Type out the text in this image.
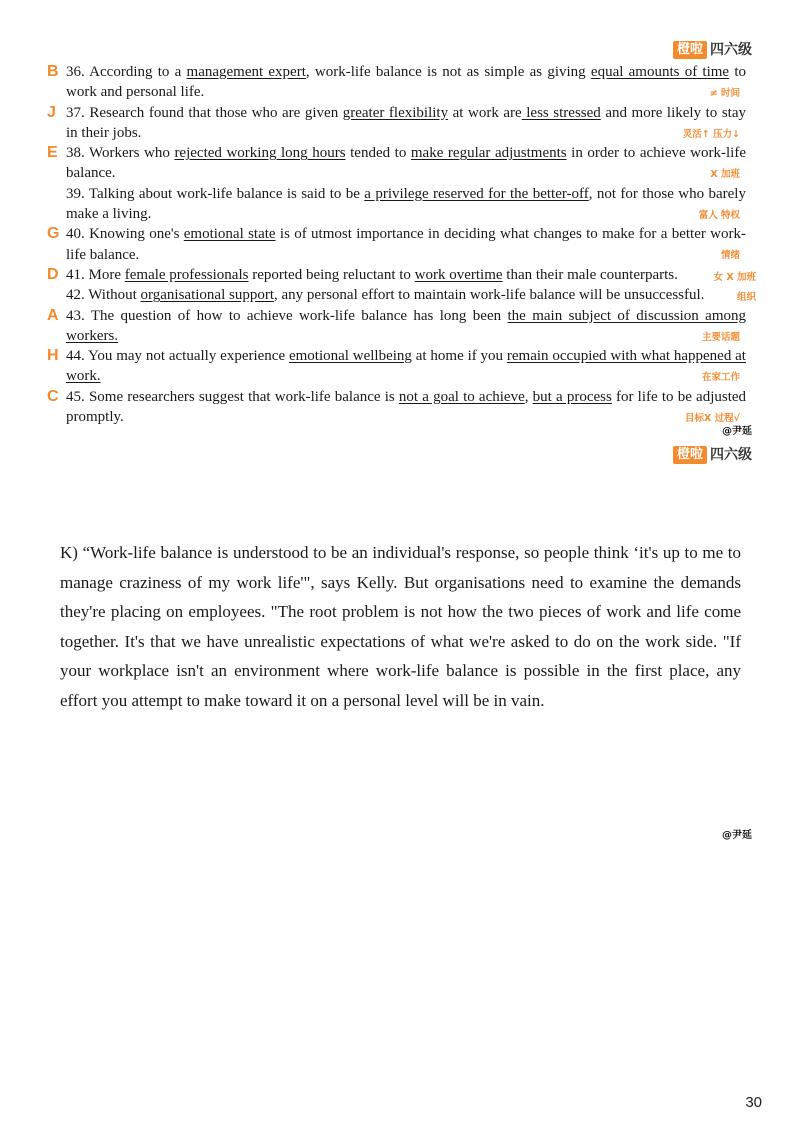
橙啦 四六级
B 36. According to a management expert, work-life balance is not as simple as giving equal amounts of time to work and personal life.	≠ 时间
J 37. Research found that those who are given greater flexibility at work are less stressed and more likely to stay in their jobs.	灵活↑ 压力↓
E 38. Workers who rejected working long hours tended to make regular adjustments in order to achieve work-life balance.	X 加班
39. Talking about work-life balance is said to be a privilege reserved for the better-off, not for those who barely make a living.	富人 特权
G 40. Knowing one's emotional state is of utmost importance in deciding what changes to make for a better work- life balance.	情绪
D 41. More female professionals reported being reluctant to work overtime than their male counterparts.	女 X 加班
42. Without organisational support, any personal effort to maintain work-life balance will be unsuccessful.	组织
A 43. The question of how to achieve work-life balance has long been the main subject of discussion among workers.	主要话题
H 44. You may not actually experience emotional wellbeing at home if you remain occupied with what happened at work.	在家工作
C 45. Some researchers suggest that work-life balance is not a goal to achieve, but a process for life to be adjusted promptly.	目标X 过程√
@尹延
橙啦 四六级
K) “Work-life balance is understood to be an individual's response, so people think ‘it's up to me to manage craziness of my work life'", says Kelly. But organisations need to examine the demands they're placing on employees. "The root problem is not how the two pieces of work and life come together. It's that we have unrealistic expectations of what we're asked to do on the work side. "If your workplace isn't an environment where work-life balance is possible in the first place, any effort you attempt to make toward it on a personal level will be in vain.
@尹延
30
